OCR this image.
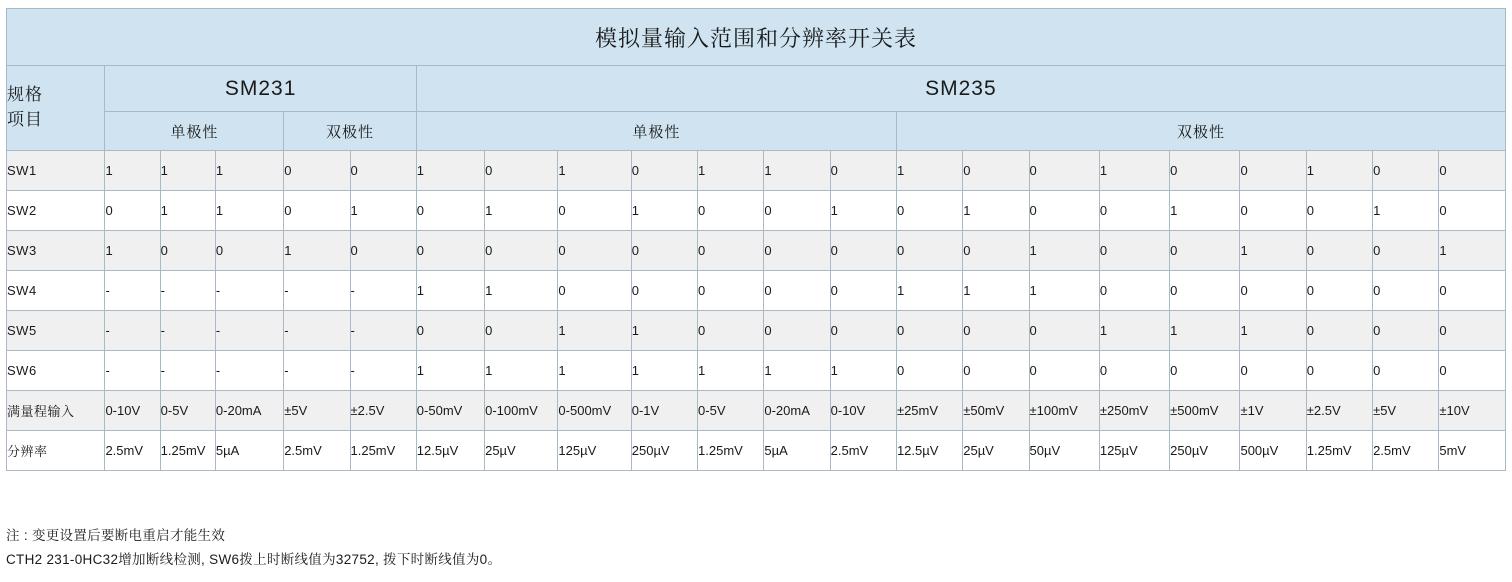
模拟量输入范围和分辨率开关表																					

规格
项目	SM231					SM235															
	单极性			双极性		单极性							双极性								
SW1	1	1	1	0	0	1	0	1	0	1	1	0	1	0	0	1	0	0	1	0	0
SW2	0	1	1	0	1	0	1	0	1	0	0	1	0	1	0	0	1	0	0	1	0
SW3	1	0	0	1	0	0	0	0	0	0	0	0	0	0	1	0	0	1	0	0	1
SW4	-	-	-	-	-	1	1	0	0	0	0	0	1	1	1	0	0	0	0	0	0
SW5	-	-	-	-	-	0	0	1	1	0	0	0	0	0	0	1	1	1	0	0	0
SW6	-	-	-	-	-	1	1	1	1	1	1	1	0	0	0	0	0	0	0	0	0
满量程输入	0-10V	0-5V	0-20mA	±5V	±2.5V	0-50mV	0-100mV	0-500mV	0-1V	0-5V	0-20mA	0-10V	±25mV	±50mV	±100mV	±250mV	±500mV	±1V	±2.5V	±5V	±10V
分辨率	2.5mV	1.25mV	5µA	2.5mV	1.25mV	12.5µV	25µV	125µV	250µV	1.25mV	5µA	2.5mV	12.5µV	25µV	50µV	125µV	250µV	500µV	1.25mV	2.5mV	5mV
注 : 变更设置后要断电重启才能生效
CTH2 231-0HC32增加断线检测, SW6拨上时断线值为32752, 拨下时断线值为0。
